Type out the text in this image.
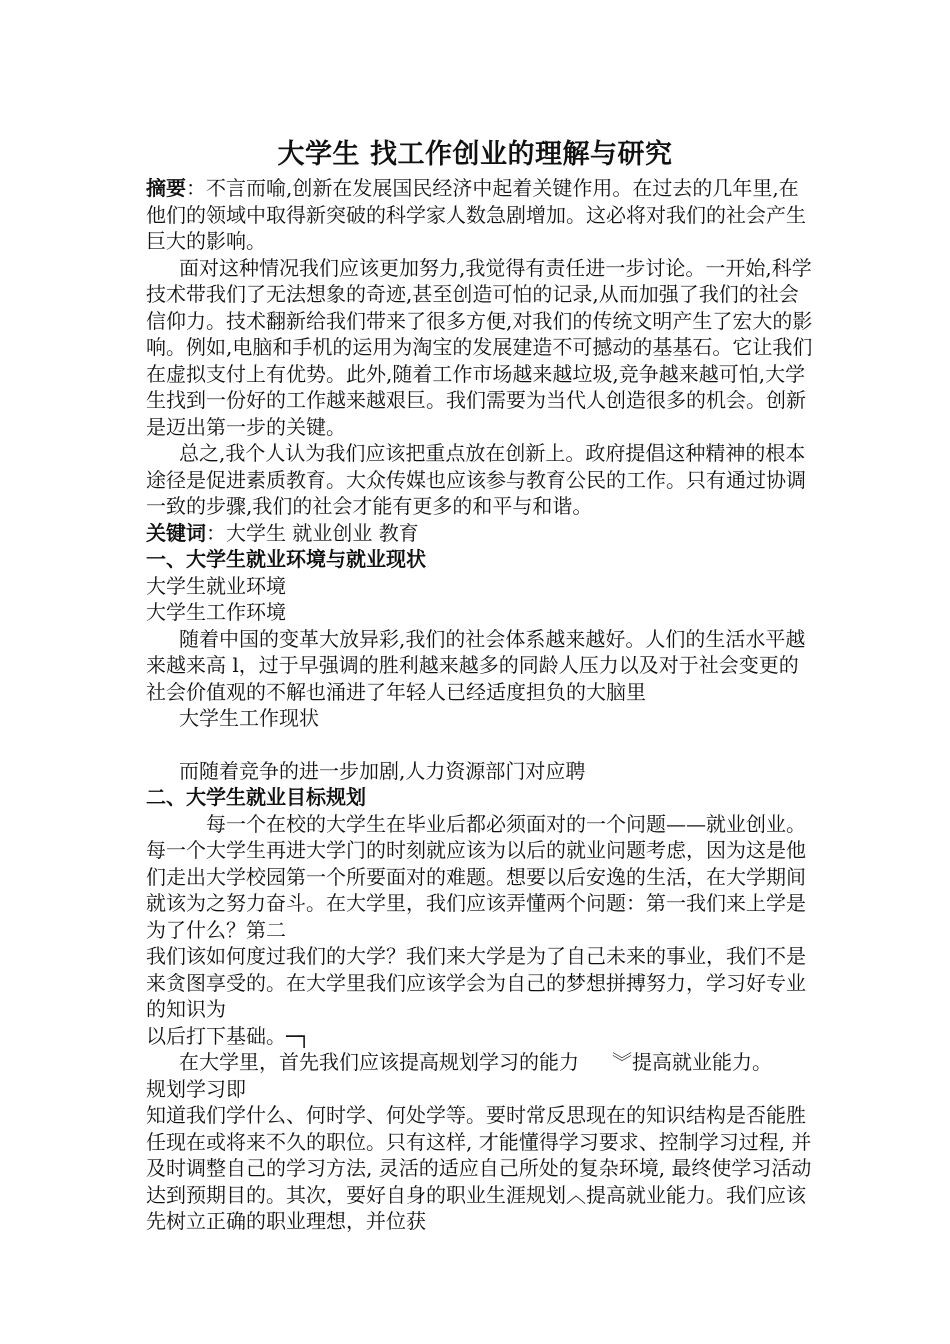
大学生 找工作创业的理解与研究

摘要：不言而喻,创新在发展国民经济中起着关键作用。在过去的几年里,在他们的领域中取得新突破的科学家人数急剧增加。这必将对我们的社会产生巨大的影响。

面对这种情况我们应该更加努力,我觉得有责任进一步讨论。一开始,科学技术带我们了无法想象的奇迹,甚至创造可怕的记录,从而加强了我们的社会信仰力。技术翻新给我们带来了很多方便,对我们的传统文明产生了宏大的影响。例如,电脑和手机的运用为淘宝的发展建造不可撼动的基基石。它让我们在虚拟支付上有优势。此外,随着工作市场越来越垃圾,竞争越来越可怕,大学生找到一份好的工作越来越艰巨。我们需要为当代人创造很多的机会。创新是迈出第一步的关键。

总之,我个人认为我们应该把重点放在创新上。政府提倡这种精神的根本途径是促进素质教育。大众传媒也应该参与教育公民的工作。只有通过协调一致的步骤,我们的社会才能有更多的和平与和谐。

关键词：大学生 就业创业 教育

一、大学生就业环境与就业现状

大学生就业环境

大学生工作环境

随着中国的变革大放异彩,我们的社会体系越来越好。人们的生活水平越来越来高 l，过于早强调的胜利越来越多的同龄人压力以及对于社会变更的社会价值观的不解也涌进了年轻人已经适度担负的大脑里

大学生工作现状

而随着竞争的进一步加剧,人力资源部门对应聘

二、大学生就业目标规划

每一个在校的大学生在毕业后都必须面对的一个问题——就业创业。每一个大学生再进大学门的时刻就应该为以后的就业问题考虑，因为这是他们走出大学校园第一个所要面对的难题。想要以后安逸的生活，在大学期间就该为之努力奋斗。在大学里，我们应该弄懂两个问题：第一我们来上学是为了什么？第二

我们该如何度过我们的大学？我们来大学是为了自己未来的事业，我们不是来贪图享受的。在大学里我们应该学会为自己的梦想拼搏努力，学习好专业的知识为

以后打下基础。─┐

在大学里，首先我们应该提高规划学习的能力 ︾提高就业能力。

规划学习即

知道我们学什么、何时学、何处学等。要时常反思现在的知识结构是否能胜任现在或将来不久的职位。只有这样, 才能懂得学习要求、控制学习过程, 并及时调整自己的学习方法, 灵活的适应自己所处的复杂环境, 最终使学习活动达到预期目的。其次，要好自身的职业生涯规划︿提高就业能力。我们应该先树立正确的职业理想，并位获
